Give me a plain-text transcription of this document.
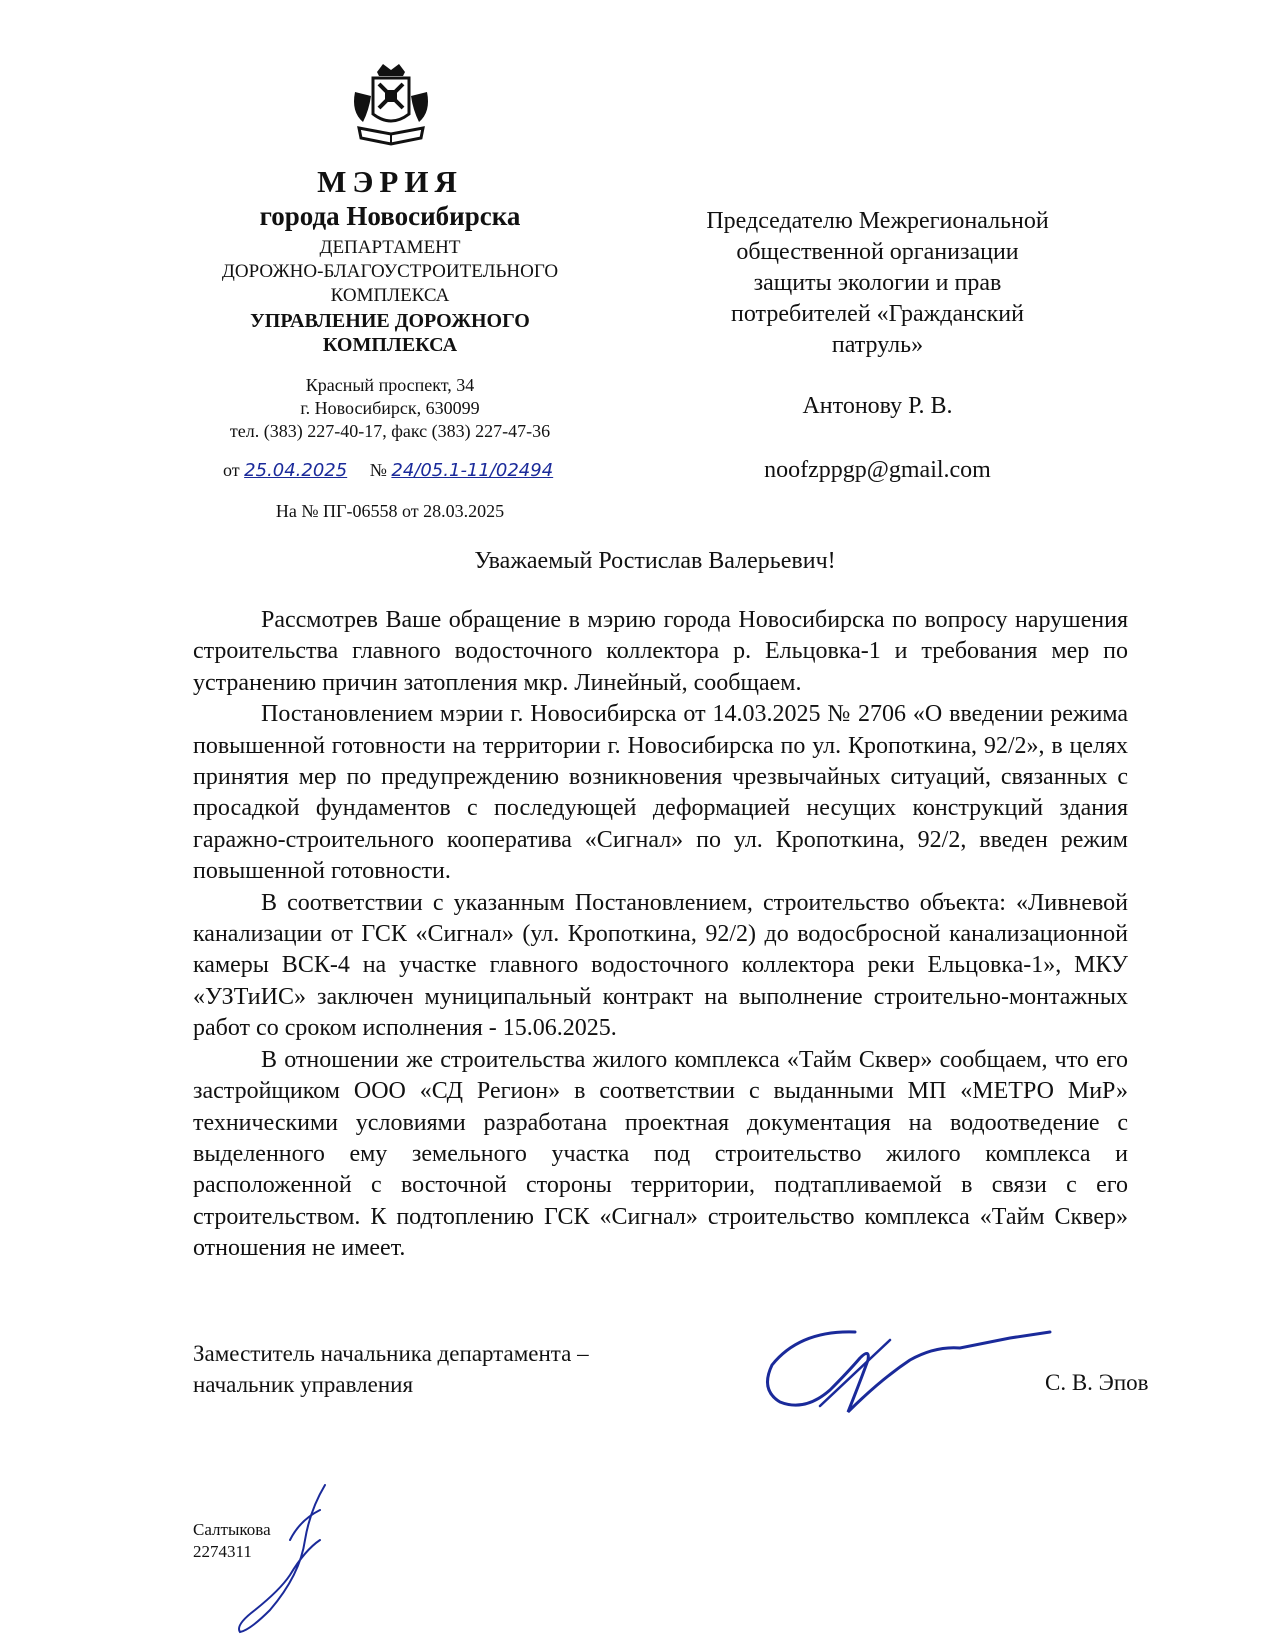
МЭРИЯ
города Новосибирска
ДЕПАРТАМЕНТ
ДОРОЖНО-БЛАГОУСТРОИТЕЛЬНОГО
КОМПЛЕКСА
УПРАВЛЕНИЕ ДОРОЖНОГО
КОМПЛЕКСА
Красный проспект, 34
г. Новосибирск, 630099
тел. (383) 227-40-17, факс (383) 227-47-36
от 25.04.2025 № 24/05.1-11/02494
На № ПГ-06558 от 28.03.2025
Председателю Межрегиональной
общественной организации
защиты экологии и прав
потребителей «Гражданский
патруль»
Антонову Р. В.
noofzppgp@gmail.com
Уважаемый Ростислав Валерьевич!

Рассмотрев Ваше обращение в мэрию города Новосибирска по вопросу нарушения строительства главного водосточного коллектора р. Ельцовка-1 и требования мер по устранению причин затопления мкр. Линейный, сообщаем.

Постановлением мэрии г. Новосибирска от 14.03.2025 № 2706 «О введении режима повышенной готовности на территории г. Новосибирска по ул. Кропоткина, 92/2», в целях принятия мер по предупреждению возникновения чрезвычайных ситуаций, связанных с просадкой фундаментов с последующей деформацией несущих конструкций здания гаражно-строительного кооператива «Сигнал» по ул. Кропоткина, 92/2, введен режим повышенной готовности.

В соответствии с указанным Постановлением, строительство объекта: «Ливневой канализации от ГСК «Сигнал» (ул. Кропоткина, 92/2) до водосбросной канализационной камеры ВСК-4 на участке главного водосточного коллектора реки Ельцовка-1», МКУ «УЗТиИС» заключен муниципальный контракт на выполнение строительно-монтажных работ со сроком исполнения - 15.06.2025.

В отношении же строительства жилого комплекса «Тайм Сквер» сообщаем, что его застройщиком ООО «СД Регион» в соответствии с выданными МП «МЕТРО МиР» техническими условиями разработана проектная документация на водоотведение с выделенного ему земельного участка под строительство жилого комплекса и расположенной с восточной стороны территории, подтапливаемой в связи с его строительством. К подтоплению ГСК «Сигнал» строительство комплекса «Тайм Сквер» отношения не имеет.

Заместитель начальника департамента –
начальник управления	С. В. Эпов
Салтыкова
2274311
